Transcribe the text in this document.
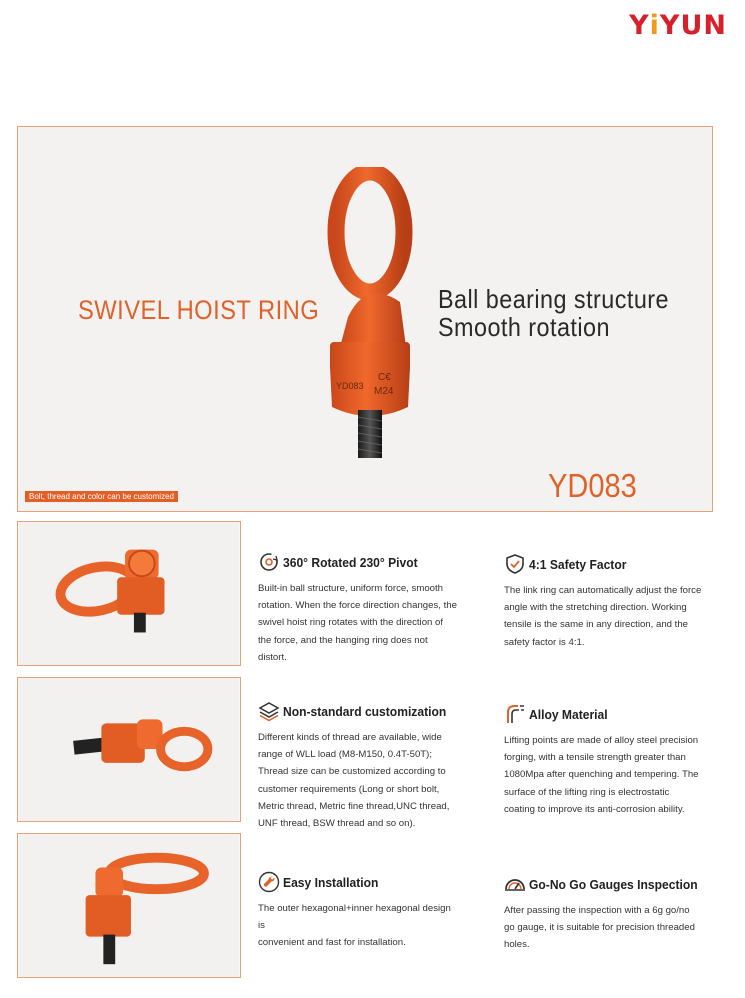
YiYUN
YD083
C€
M24
SWIVEL HOIST RING	Ball bearing structure
Smooth rotation
YD083
Bolt, thread and color can be customized
360° Rotated 230° Pivot
Built-in ball structure, uniform force, smooth
rotation. When the force direction changes, the
swivel hoist ring rotates with the direction of
the force, and the hanging ring does not distort.
4:1 Safety Factor
The link ring can automatically adjust the force
angle with the stretching direction. Working
tensile is the same in any direction, and the
safety factor is 4:1.
Non-standard customization
Different kinds of thread are available, wide
range of WLL load (M8-M150, 0.4T-50T);
Thread size can be customized according to
customer requirements (Long or short bolt,
Metric thread, Metric fine thread,UNC thread,
UNF thread, BSW thread and so on).
Alloy Material
Lifting points are made of alloy steel precision
forging, with a tensile strength greater than
1080Mpa after quenching and tempering. The
surface of the lifting ring is electrostatic
coating to improve its anti-corrosion ability.
Easy Installation
The outer hexagonal+inner hexagonal design is
convenient and fast for installation.
Go-No Go Gauges Inspection
After passing the inspection with a 6g go/no
go gauge, it is suitable for precision threaded
holes.
